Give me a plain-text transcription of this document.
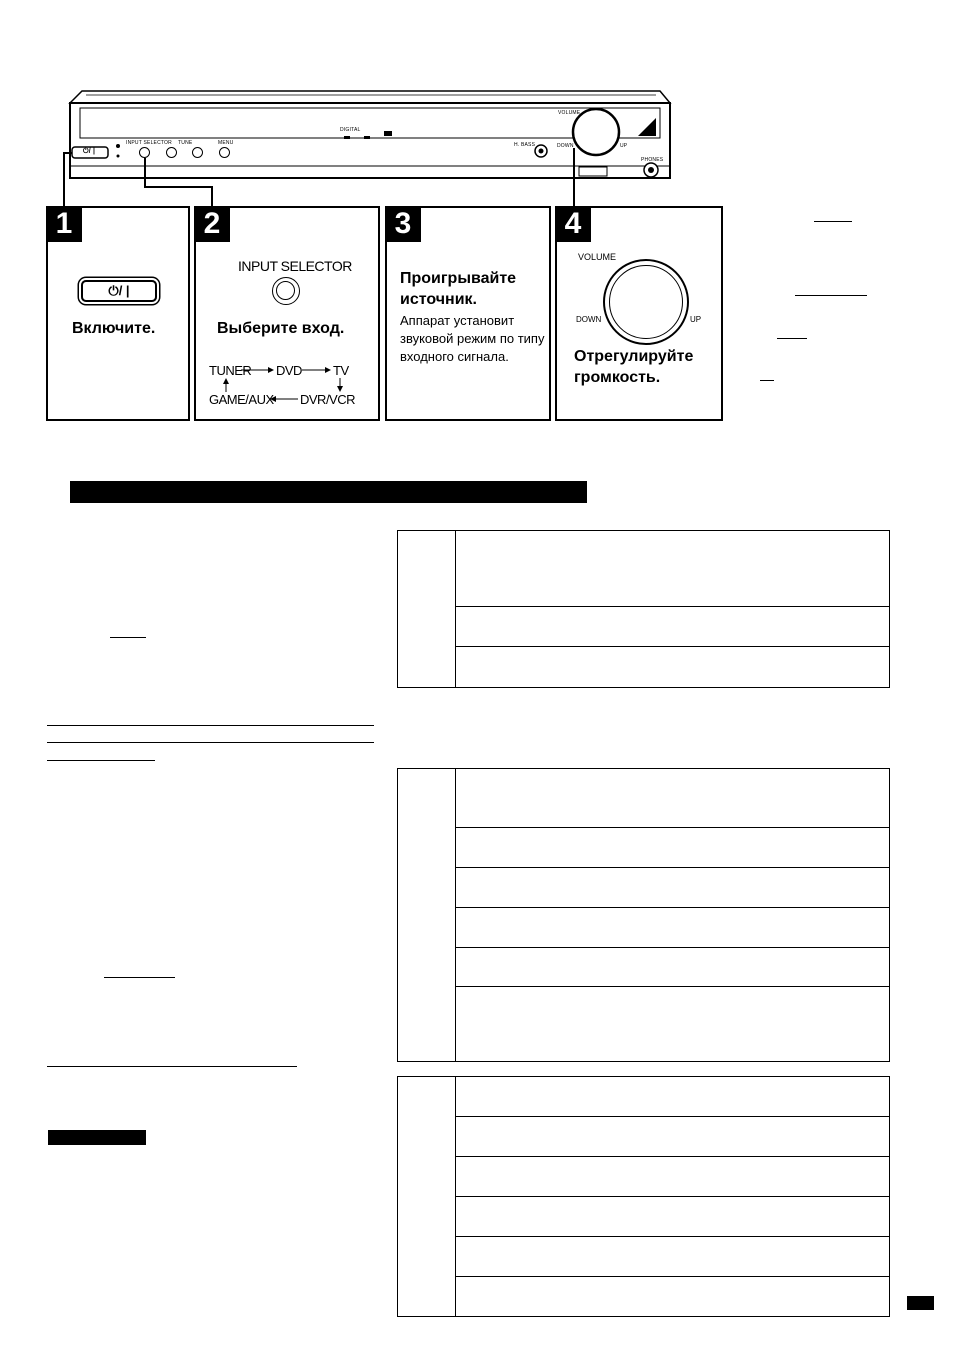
⏻/ |
DIGITAL
INPUT SELECTOR TUNE	MENU	H. BASS
VOLUME
DOWN	UP
PHONES
1
⏻/ |
Включите.
2
INPUT SELECTOR
Выберите вход.
TUNER DVD TV
DVR/VCR
GAME/AUX
3
Проигрывайте источник.
Аппарат установит звуковой режим по типу входного сигнала.
4
VOLUME
DOWN	UP
Отрегулируйте громкость.
